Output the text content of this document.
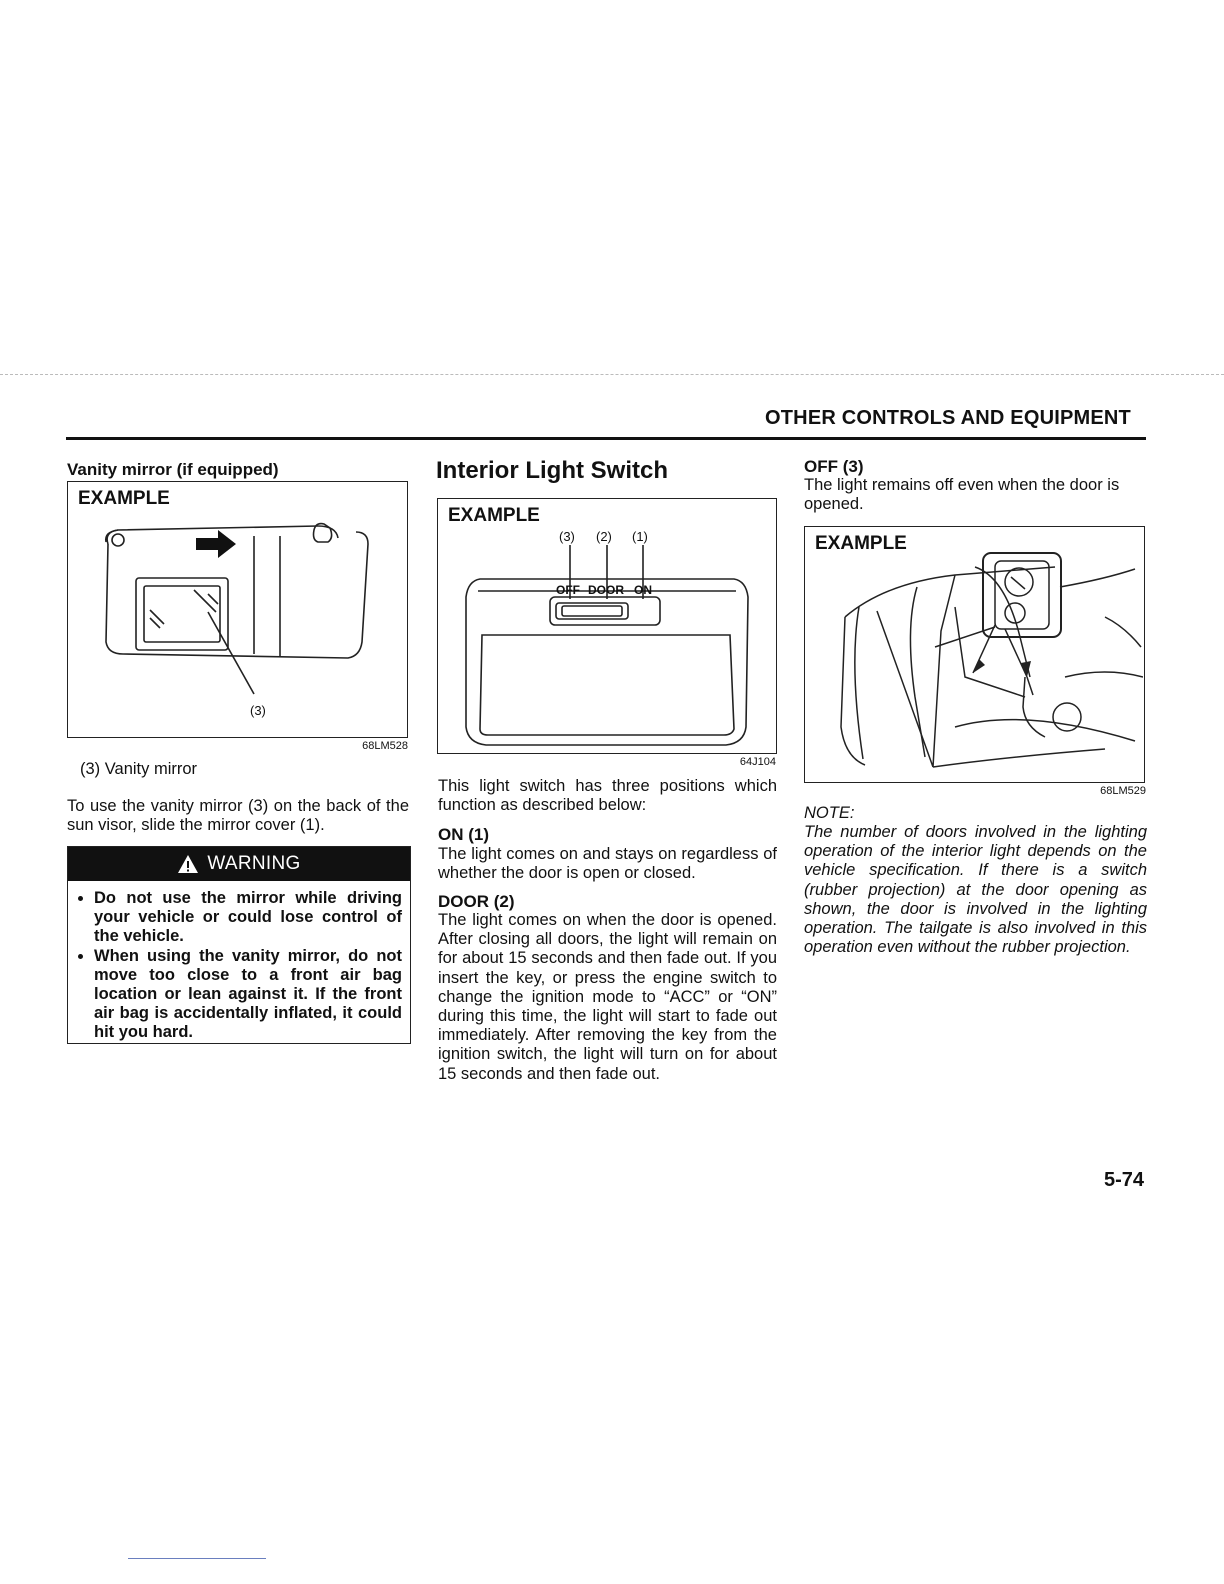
OTHER CONTROLS AND EQUIPMENT
Vanity mirror (if equipped)
EXAMPLE
(3)
68LM528
(3) Vanity mirror
To use the vanity mirror (3) on the back of the sun visor, slide the mirror cover (1).
WARNING
• Do not use the mirror while driving your vehicle or could lose control of the vehicle.
• When using the vanity mirror, do not move too close to a front air bag location or lean against it. If the front air bag is accidentally inflated, it could hit you hard.
Interior Light Switch
EXAMPLE
(3) (2) (1)
OFF DOOR ON
64J104
This light switch has three positions which function as described below:
ON (1)
The light comes on and stays on regardless of whether the door is open or closed.
DOOR (2)
The light comes on when the door is opened. After closing all doors, the light will remain on for about 15 seconds and then fade out. If you insert the key, or press the engine switch to change the ignition mode to “ACC” or “ON” during this time, the light will start to fade out immediately. After removing the key from the ignition switch, the light will turn on for about 15 seconds and then fade out.
OFF (3)
The light remains off even when the door is opened.
EXAMPLE
68LM529
NOTE:
The number of doors involved in the lighting operation of the interior light depends on the vehicle specification. If there is a switch (rubber projection) at the door opening as shown, the door is involved in the lighting operation. The tailgate is also involved in this operation even without the rubber projection.
5-74
